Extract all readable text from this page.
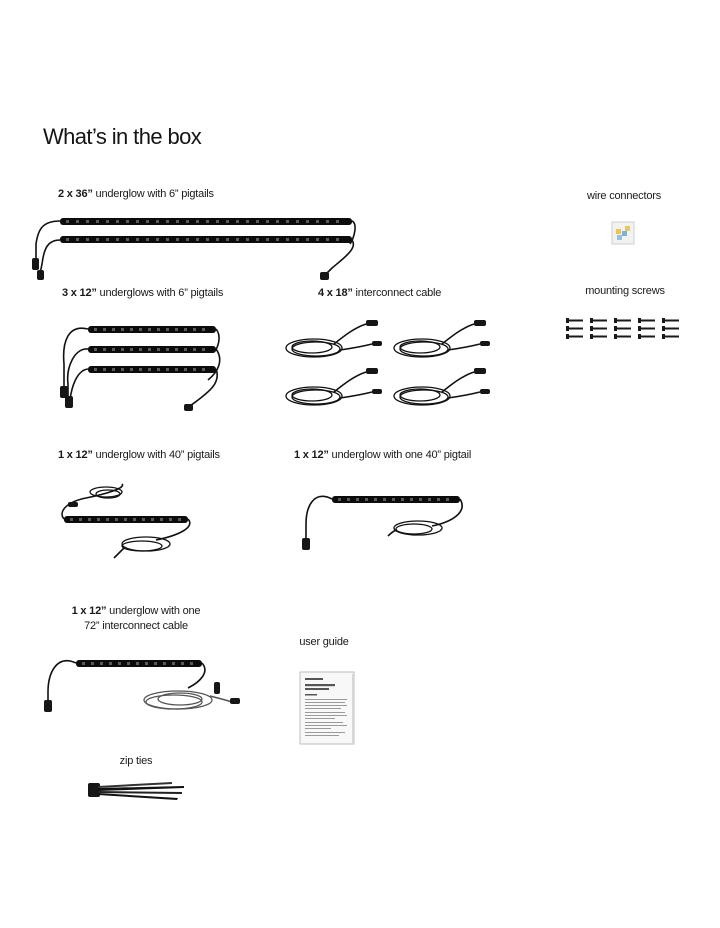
What’s in the box
2 x 36” underglow with 6” pigtails	wire connectors
3 x 12” underglows with 6” pigtails	4 x 18” interconnect cable	mounting screws
1 x 12” underglow with 40” pigtails	1 x 12” underglow with one 40” pigtail
1 x 12” underglow with one
72” interconnect cable
user guide
zip ties
